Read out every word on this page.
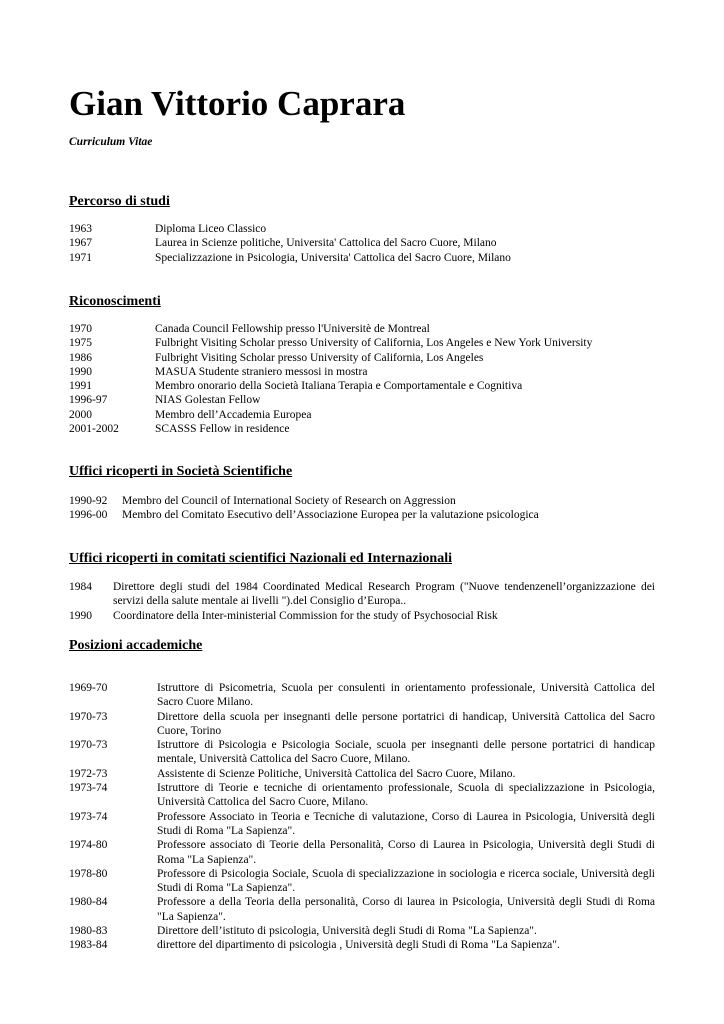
Gian Vittorio Caprara

Curriculum Vitae

Percorso di studi
1963	Diploma Liceo Classico
1967	Laurea in Scienze politiche, Universita' Cattolica del Sacro Cuore, Milano
1971	Specializzazione in Psicologia, Universita' Cattolica del Sacro Cuore, Milano
Riconoscimenti
1970	Canada Council Fellowship presso l'Universitè de Montreal
1975	Fulbright Visiting Scholar presso University of California, Los Angeles e New York University
1986	Fulbright Visiting Scholar presso University of California, Los Angeles
1990	MASUA Studente straniero messosi in mostra
1991	Membro onorario della Società Italiana Terapia e Comportamentale e Cognitiva
1996-97	NIAS Golestan Fellow
2000	Membro dell’Accademia Europea
2001-2002	SCASSS Fellow in residence
Uffici ricoperti in Società Scientifiche
1990-92	Membro del Council of International Society of Research on Aggression
1996-00	Membro del Comitato Esecutivo dell’Associazione Europea per la valutazione psicologica
Uffici ricoperti in comitati scientifici Nazionali ed Internazionali
1984	Direttore degli studi del 1984 Coordinated Medical Research Program ("Nuove tendenzenell’organizzazione dei servizi della salute mentale ai livelli ").del Consiglio d’Europa..
1990	Coordinatore della Inter-ministerial Commission for the study of Psychosocial Risk
Posizioni accademiche
1969-70	Istruttore di Psicometria, Scuola per consulenti in orientamento professionale, Università Cattolica del Sacro Cuore Milano.
1970-73	Direttore della scuola per insegnanti delle persone portatrici di handicap, Università Cattolica del Sacro Cuore, Torino
1970-73	Istruttore di Psicologia e Psicologia Sociale, scuola per insegnanti delle persone portatrici di handicap mentale, Università Cattolica del Sacro Cuore, Milano.
1972-73	Assistente di Scienze Politiche, Università Cattolica del Sacro Cuore, Milano.
1973-74	Istruttore di Teorie e tecniche di orientamento professionale, Scuola di specializzazione in Psicologia, Università Cattolica del Sacro Cuore, Milano.
1973-74	Professore Associato in Teoria e Tecniche di valutazione, Corso di Laurea in Psicologia, Università degli Studi di Roma "La Sapienza".
1974-80	Professore associato di Teorie della Personalità, Corso di Laurea in Psicologia, Università degli Studi di Roma "La Sapienza".
1978-80	Professore di Psicologia Sociale, Scuola di specializzazione in sociologia e ricerca sociale, Università degli Studi di Roma "La Sapienza".
1980-84	Professore a della Teoria della personalità, Corso di laurea in Psicologia, Università degli Studi di Roma "La Sapienza".
1980-83	Direttore dell’istituto di psicologia, Università degli Studi di Roma "La Sapienza".
1983-84	direttore del dipartimento di psicologia , Università degli Studi di Roma "La Sapienza".
